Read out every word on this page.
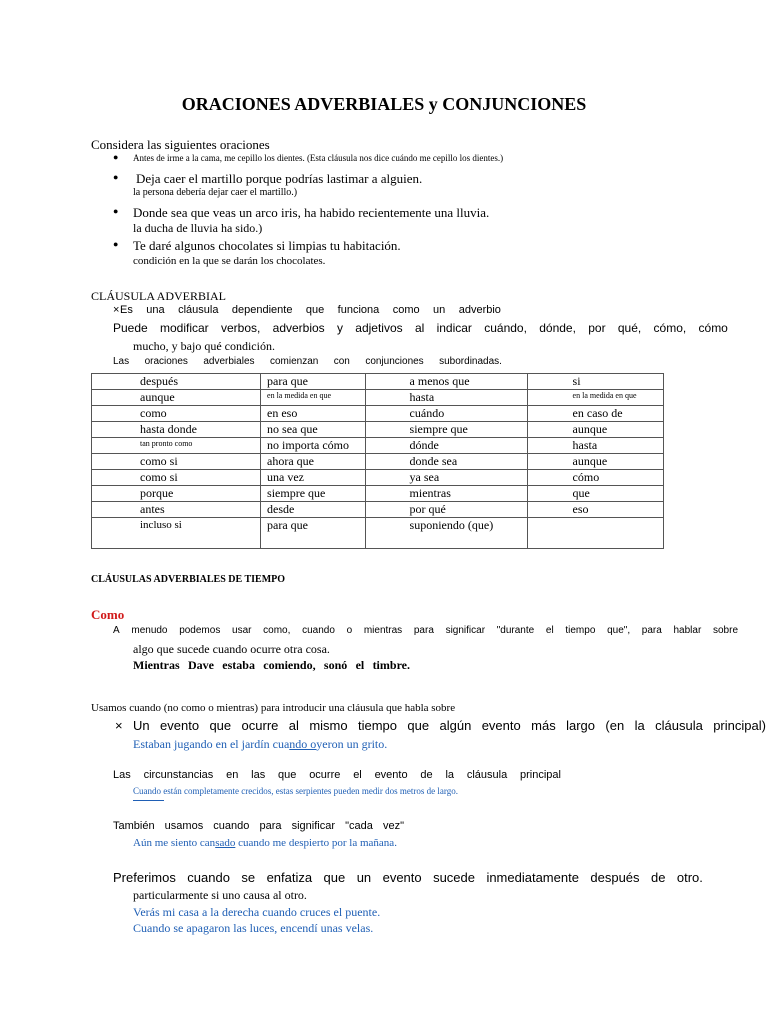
ORACIONES ADVERBIALES y CONJUNCIONES
Considera las siguientes oraciones
● Antes de irme a la cama, me cepillo los dientes. (Esta cláusula nos dice cuándo me cepillo los dientes.)
● Deja caer el martillo porque podrías lastimar a alguien.
la persona debería dejar caer el martillo.)
● Donde sea que veas un arco iris, ha habido recientemente una lluvia.
la ducha de lluvia ha sido.)
● Te daré algunos chocolates si limpias tu habitación.
condición en la que se darán los chocolates.
CLÁUSULA ADVERBIAL
× Es una cláusula dependiente que funciona como un adverbio
Puede modificar verbos, adverbios y adjetivos al indicar cuándo, dónde, por qué, cómo, cómo
mucho, y bajo qué condición.
Las oraciones adverbiales comienzan con conjunciones subordinadas.
después	para que	a menos que	si
aunque	en la medida en que	hasta	en la medida en que
como	en eso	cuándo	en caso de
hasta donde	no sea que	siempre que	aunque
tan pronto como	no importa cómo	dónde	hasta
como si	ahora que	donde sea	aunque
como si	una vez	ya sea	cómo
porque	siempre que	mientras	que
antes	desde	por qué	eso
incluso si	para que	suponiendo (que)	
CLÁUSULAS ADVERBIALES DE TIEMPO
Como
A menudo podemos usar como, cuando o mientras para significar "durante el tiempo que", para hablar sobre
algo que sucede cuando ocurre otra cosa.
Mientras Dave estaba comiendo, sonó el timbre.
Usamos cuando (no como o mientras) para introducir una cláusula que habla sobre
× Un evento que ocurre al mismo tiempo que algún evento más largo (en la cláusula principal)
Estaban jugando en el jardín cuando oyeron un grito.
Las circunstancias en las que ocurre el evento de la cláusula principal
Cuando están completamente crecidos, estas serpientes pueden medir dos metros de largo.
También usamos cuando para significar "cada vez"
Aún me siento cansado cuando me despierto por la mañana.
Preferimos cuando se enfatiza que un evento sucede inmediatamente después de otro.
particularmente si uno causa al otro.
Verás mi casa a la derecha cuando cruces el puente.
Cuando se apagaron las luces, encendí unas velas.
